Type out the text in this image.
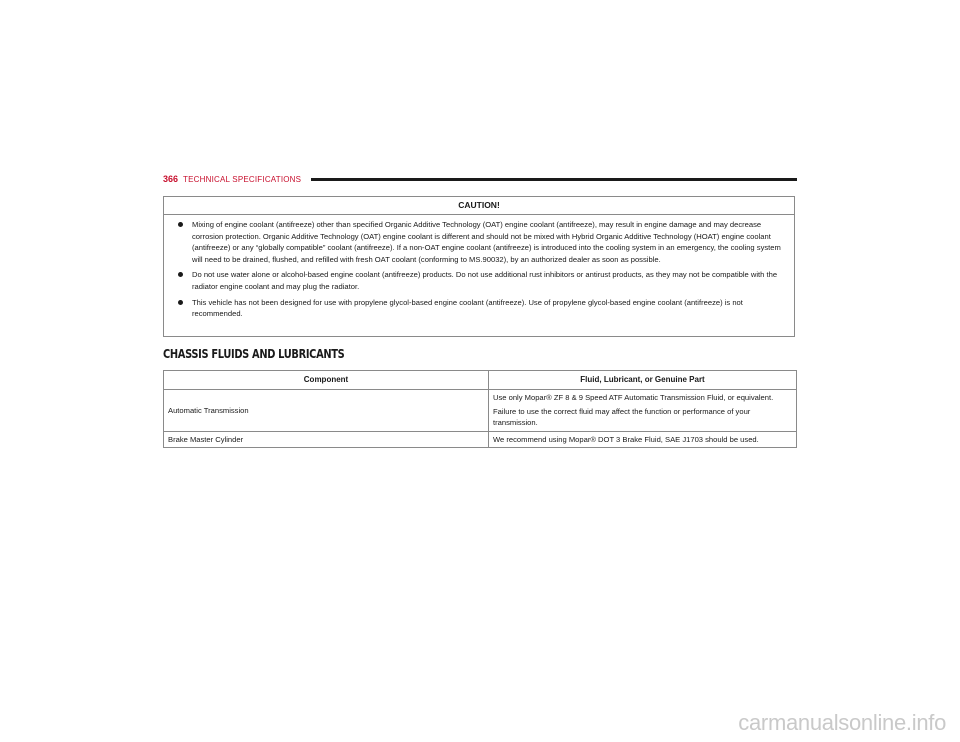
366 TECHNICAL SPECIFICATIONS
CAUTION!
Mixing of engine coolant (antifreeze) other than specified Organic Additive Technology (OAT) engine coolant (antifreeze), may result in engine damage and may decrease corrosion protection. Organic Additive Technology (OAT) engine coolant is different and should not be mixed with Hybrid Organic Additive Technology (HOAT) engine coolant (antifreeze) or any “globally compatible” coolant (antifreeze). If a non-OAT engine coolant (antifreeze) is introduced into the cooling system in an emergency, the cooling system will need to be drained, flushed, and refilled with fresh OAT coolant (conforming to MS.90032), by an authorized dealer as soon as possible.
Do not use water alone or alcohol-based engine coolant (antifreeze) products. Do not use additional rust inhibitors or antirust products, as they may not be compatible with the radiator engine coolant and may plug the radiator.
This vehicle has not been designed for use with propylene glycol-based engine coolant (antifreeze). Use of propylene glycol-based engine coolant (antifreeze) is not recommended.
CHASSIS FLUIDS AND LUBRICANTS
Component	Fluid, Lubricant, or Genuine Part
Automatic Transmission	Use only Mopar® ZF 8 & 9 Speed ATF Automatic Transmission Fluid, or equivalent.
Failure to use the correct fluid may affect the function or performance of your transmission.

Brake Master Cylinder	We recommend using Mopar® DOT 3 Brake Fluid, SAE J1703 should be used.
carmanualsonline.info
